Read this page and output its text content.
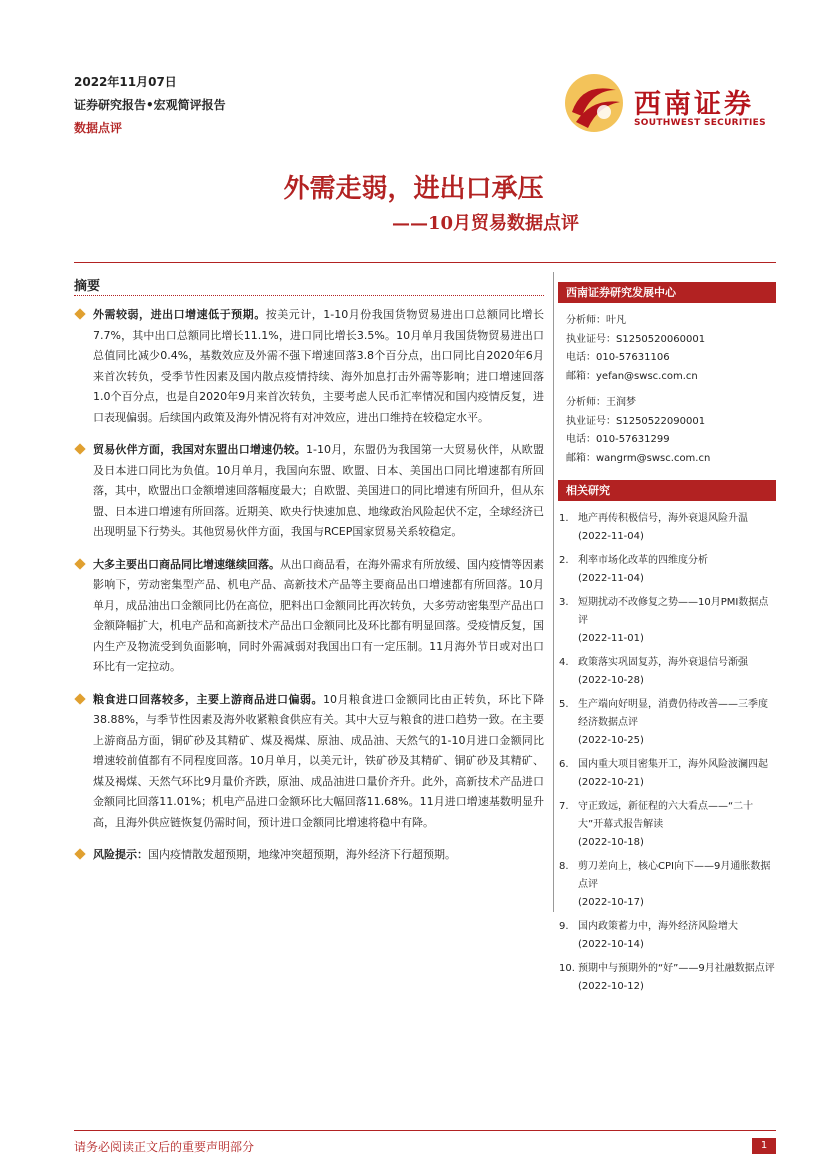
2022年11月07日
证券研究报告•宏观简评报告
数据点评
西南证券
SOUTHWEST SECURITIES
外需走弱，进出口承压
——10月贸易数据点评
摘要
外需较弱，进出口增速低于预期。按美元计，1-10月份我国货物贸易进出口总额同比增长7.7%，其中出口总额同比增长11.1%，进口同比增长3.5%。10月单月我国货物贸易进出口总值同比减少0.4%，基数效应及外需不强下增速回落3.8个百分点，出口同比自2020年6月来首次转负，受季节性因素及国内散点疫情持续、海外加息打击外需等影响；进口增速回落1.0个百分点，也是自2020年9月来首次转负，主要考虑人民币汇率情况和国内疫情反复，进口表现偏弱。后续国内政策及海外情况将有对冲效应，进出口维持在较稳定水平。
贸易伙伴方面，我国对东盟出口增速仍较。1-10月，东盟仍为我国第一大贸易伙伴，从欧盟及日本进口同比为负值。10月单月，我国向东盟、欧盟、日本、美国出口同比增速都有所回落，其中，欧盟出口金额增速回落幅度最大；自欧盟、美国进口的同比增速有所回升，但从东盟、日本进口增速有所回落。近期美、欧央行快速加息、地缘政治风险起伏不定，全球经济已出现明显下行势头。其他贸易伙伴方面，我国与RCEP国家贸易关系较稳定。
大多主要出口商品同比增速继续回落。从出口商品看，在海外需求有所放缓、国内疫情等因素影响下，劳动密集型产品、机电产品、高新技术产品等主要商品出口增速都有所回落。10月单月，成品油出口金额同比仍在高位，肥料出口金额同比再次转负，大多劳动密集型产品出口金额降幅扩大，机电产品和高新技术产品出口金额同比及环比都有明显回落。受疫情反复，国内生产及物流受到负面影响，同时外需减弱对我国出口有一定压制。11月海外节日或对出口环比有一定拉动。
粮食进口回落较多，主要上游商品进口偏弱。10月粮食进口金额同比由正转负，环比下降38.88%，与季节性因素及海外收紧粮食供应有关。其中大豆与粮食的进口趋势一致。在主要上游商品方面，铜矿砂及其精矿、煤及褐煤、原油、成品油、天然气的1-10月进口金额同比增速较前值都有不同程度回落。10月单月，以美元计，铁矿砂及其精矿、铜矿砂及其精矿、煤及褐煤、天然气环比9月量价齐跌，原油、成品油进口量价齐升。此外，高新技术产品进口金额同比回落11.01%；机电产品进口金额环比大幅回落11.68%。11月进口增速基数明显升高，且海外供应链恢复仍需时间，预计进口金额同比增速将稳中有降。
风险提示：国内疫情散发超预期，地缘冲突超预期，海外经济下行超预期。
西南证券研究发展中心
分析师：叶凡
执业证号：S1250520060001
电话：010-57631106
邮箱：yefan@swsc.com.cn
分析师：王润梦
执业证号：S1250522090001
电话：010-57631299
邮箱：wangrm@swsc.com.cn
相关研究
1. 地产再传积极信号，海外衰退风险升温
(2022-11-04)
2. 利率市场化改革的四维度分析
(2022-11-04)
3. 短期扰动不改修复之势——10月PMI数据点评
(2022-11-01)
4. 政策落实巩固复苏，海外衰退信号渐强
(2022-10-28)
5. 生产端向好明显，消费仍待改善——三季度经济数据点评
(2022-10-25)
6. 国内重大项目密集开工，海外风险波澜四起
(2022-10-21)
7. 守正致远，新征程的六大看点——“二十大”开幕式报告解读
(2022-10-18)
8. 剪刀差向上，核心CPI向下——9月通胀数据点评
(2022-10-17)
9. 国内政策蓄力中，海外经济风险增大
(2022-10-14)
10. 预期中与预期外的“好”——9月社融数据点评
(2022-10-12)
请务必阅读正文后的重要声明部分	1
